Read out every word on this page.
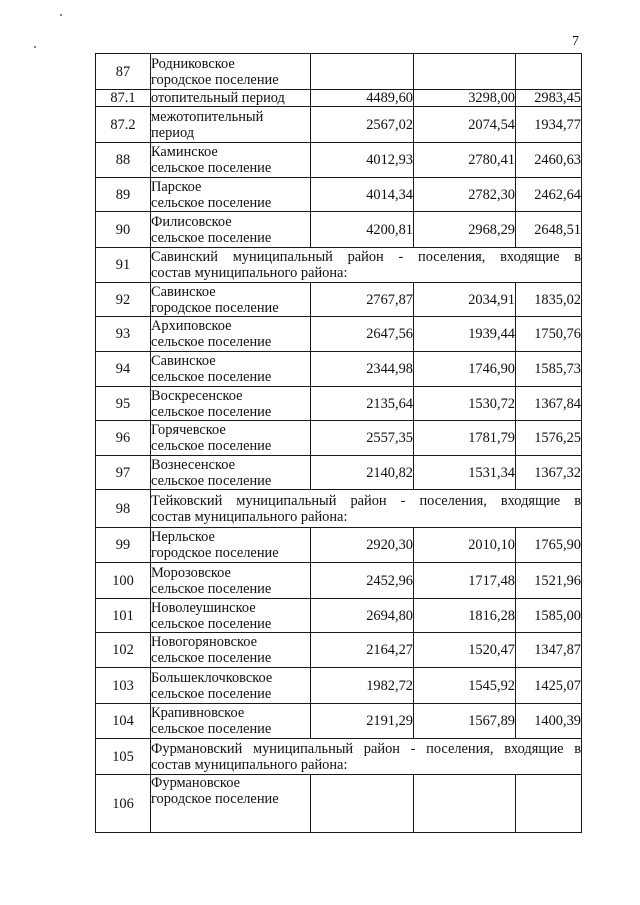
7
87	Родниковское
городское поселение			

87.1	отопительный период	4489,60	3298,00	2983,45
87.2	межотопительный
период	2567,02	2074,54	1934,77
88	Каминское
сельское поселение	4012,93	2780,41	2460,63
89	Парское
сельское поселение	4014,34	2782,30	2462,64
90	Филисовское
сельское поселение	4200,81	2968,29	2648,51
91	Савинский муниципальный район - поселения, входящие в
состав муниципального района:			

92	Савинское
городское поселение	2767,87	2034,91	1835,02
93	Архиповское
сельское поселение	2647,56	1939,44	1750,76
94	Савинское
сельское поселение	2344,98	1746,90	1585,73
95	Воскресенское
сельское поселение	2135,64	1530,72	1367,84
96	Горячевское
сельское поселение	2557,35	1781,79	1576,25
97	Вознесенское
сельское поселение	2140,82	1531,34	1367,32
98	Тейковский муниципальный район - поселения, входящие в
состав муниципального района:			

99	Нерльское
городское поселение	2920,30	2010,10	1765,90
100	Морозовское
сельское поселение	2452,96	1717,48	1521,96
101	Новолеушинское
сельское поселение	2694,80	1816,28	1585,00
102	Новогоряновское
сельское поселение	2164,27	1520,47	1347,87
103	Большеклочковское
сельское поселение	1982,72	1545,92	1425,07
104	Крапивновское
сельское поселение	2191,29	1567,89	1400,39
105	Фурмановский муниципальный район - поселения, входящие в
состав муниципального района:			

106	Фурмановское
городское поселение			
